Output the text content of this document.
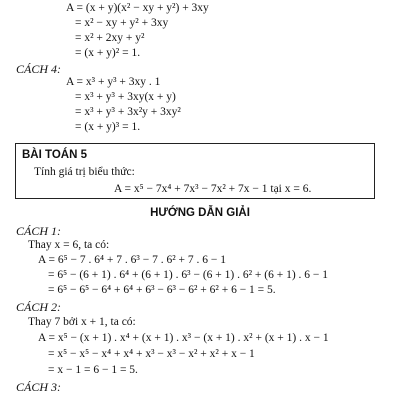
A = (x + y)(x² − xy + y²) + 3xy
= x² − xy + y² + 3xy
= x² + 2xy + y²
= (x + y)² = 1.
CÁCH 4:
A = x³ + y³ + 3xy . 1
= x³ + y³ + 3xy(x + y)
= x³ + y³ + 3x²y + 3xy²
= (x + y)³ = 1.
BÀI TOÁN 5
Tính giá trị biểu thức:
A = x⁵ − 7x⁴ + 7x³ − 7x² + 7x − 1 tại x = 6.
HƯỚNG DẪN GIẢI
CÁCH 1:
Thay x = 6, ta có:
A = 6⁵ − 7 . 6⁴ + 7 . 6³ − 7 . 6² + 7 . 6 − 1
= 6⁵ − (6 + 1) . 6⁴ + (6 + 1) . 6³ − (6 + 1) . 6² + (6 + 1) . 6 − 1
= 6⁵ − 6⁵ − 6⁴ + 6⁴ + 6³ − 6³ − 6² + 6² + 6 − 1 = 5.
CÁCH 2:
Thay 7 bởi x + 1, ta có:
A = x⁵ − (x + 1) . x⁴ + (x + 1) . x³ − (x + 1) . x² + (x + 1) . x − 1
= x⁵ − x⁵ − x⁴ + x⁴ + x³ − x³ − x² + x² + x − 1
= x − 1 = 6 − 1 = 5.
CÁCH 3:
